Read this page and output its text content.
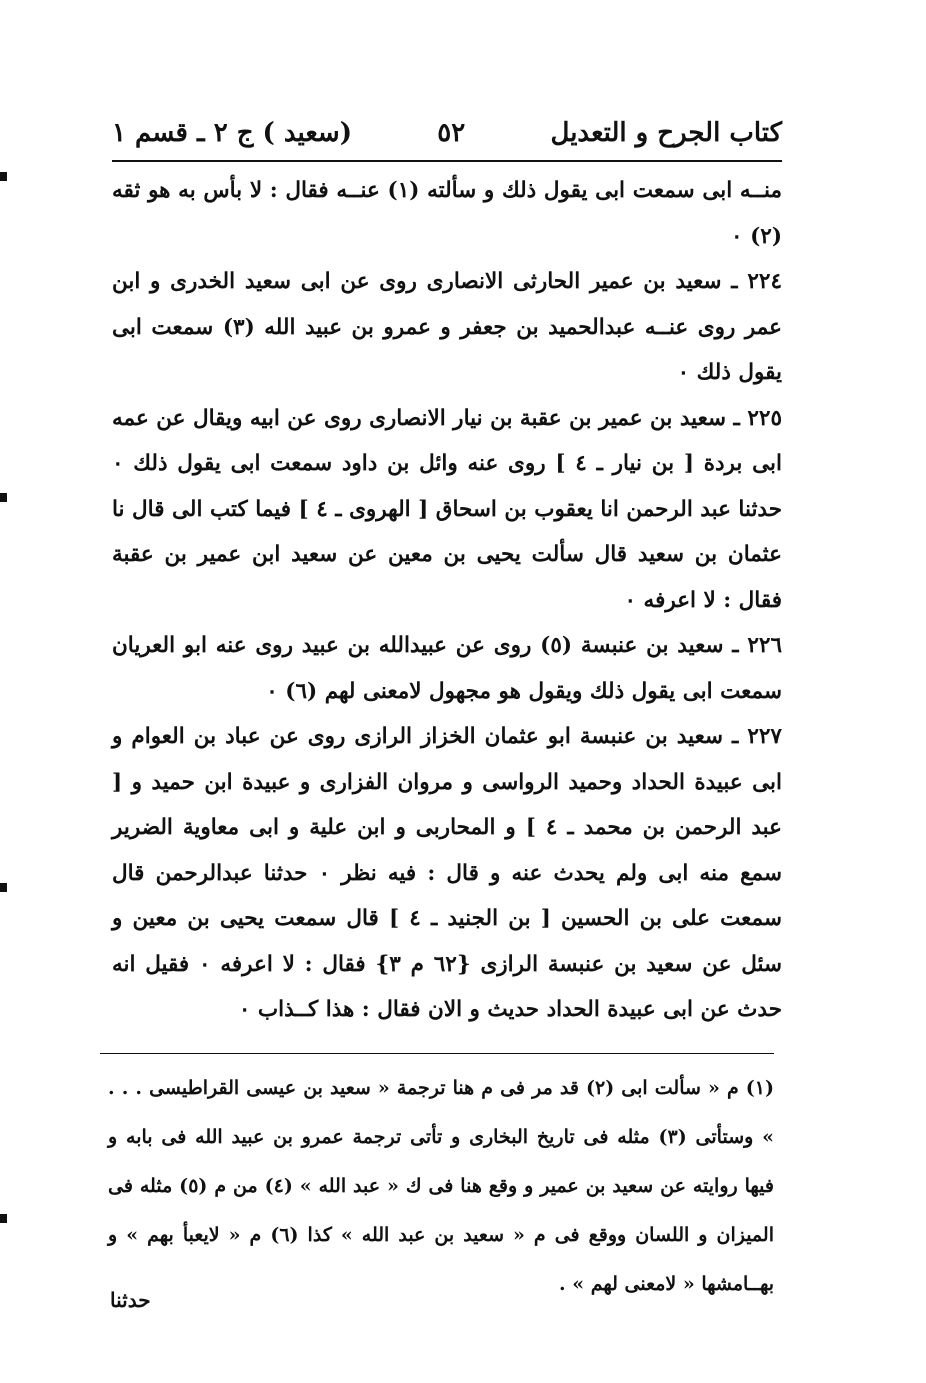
كتاب الجرح و التعديل
٥٢
(سعيد ) ج ٢ ـ قسم ١

منــه ابى سمعت ابى يقول ذلك و سألته (١) عنــه فقال : لا بأس به هو ثقه (٢) ٠

٢٢٤ ـ سعيد بن عمير الحارثى الانصارى روى عن ابى سعيد الخدرى و ابن عمر روى عنــه عبدالحميد بن جعفر و عمرو بن عبيد الله (٣) سمعت ابى يقول ذلك ٠

٢٢٥ ـ سعيد بن عمير بن عقبة بن نيار الانصارى روى عن ابيه ويقال عن عمه ابى بردة [ بن نيار ـ ٤ ] روى عنه وائل بن داود سمعت ابى يقول ذلك ٠ حدثنا عبد الرحمن انا يعقوب بن اسحاق [ الهروى ـ ٤ ] فيما كتب الى قال نا عثمان بن سعيد قال سألت يحيى بن معين عن سعيد ابن عمير بن عقبة فقال : لا اعرفه ٠

٢٢٦ ـ سعيد بن عنبسة (٥) روى عن عبيدالله بن عبيد روى عنه ابو العريان سمعت ابى يقول ذلك ويقول هو مجهول لامعنى لهم (٦) ٠

٢٢٧ ـ سعيد بن عنبسة ابو عثمان الخزاز الرازى روى عن عباد بن العوام و ابى عبيدة الحداد وحميد الرواسى و مروان الفزارى و عبيدة ابن حميد و [ عبد الرحمن بن محمد ـ ٤ ] و المحاربى و ابن علية و ابى معاوية الضرير سمع منه ابى ولم يحدث عنه و قال : فيه نظر ٠ حدثنا عبدالرحمن قال سمعت على بن الحسين [ بن الجنيد ـ ٤ ] قال سمعت يحيى بن معين و سئل عن سعيد بن عنبسة الرازى {٦٢ م ٣} فقال : لا اعرفه ٠ فقيل انه حدث عن ابى عبيدة الحداد حديث و الان فقال : هذا كــذاب ٠

(١) م « سألت ابى (٢) قد مر فى م هنا ترجمة « سعيد بن عيسى القراطيسى . . . » وستأتى (٣) مثله فى تاريخ البخارى و تأتى ترجمة عمرو بن عبيد الله فى بابه و فيها روايته عن سعيد بن عمير و وقع هنا فى ك « عبد الله » (٤) من م (٥) مثله فى الميزان و اللسان ووقع فى م « سعيد بن عبد الله » كذا (٦) م « لايعبأ بهم » و بهــامشها « لامعنى لهم » .

حدثنا
